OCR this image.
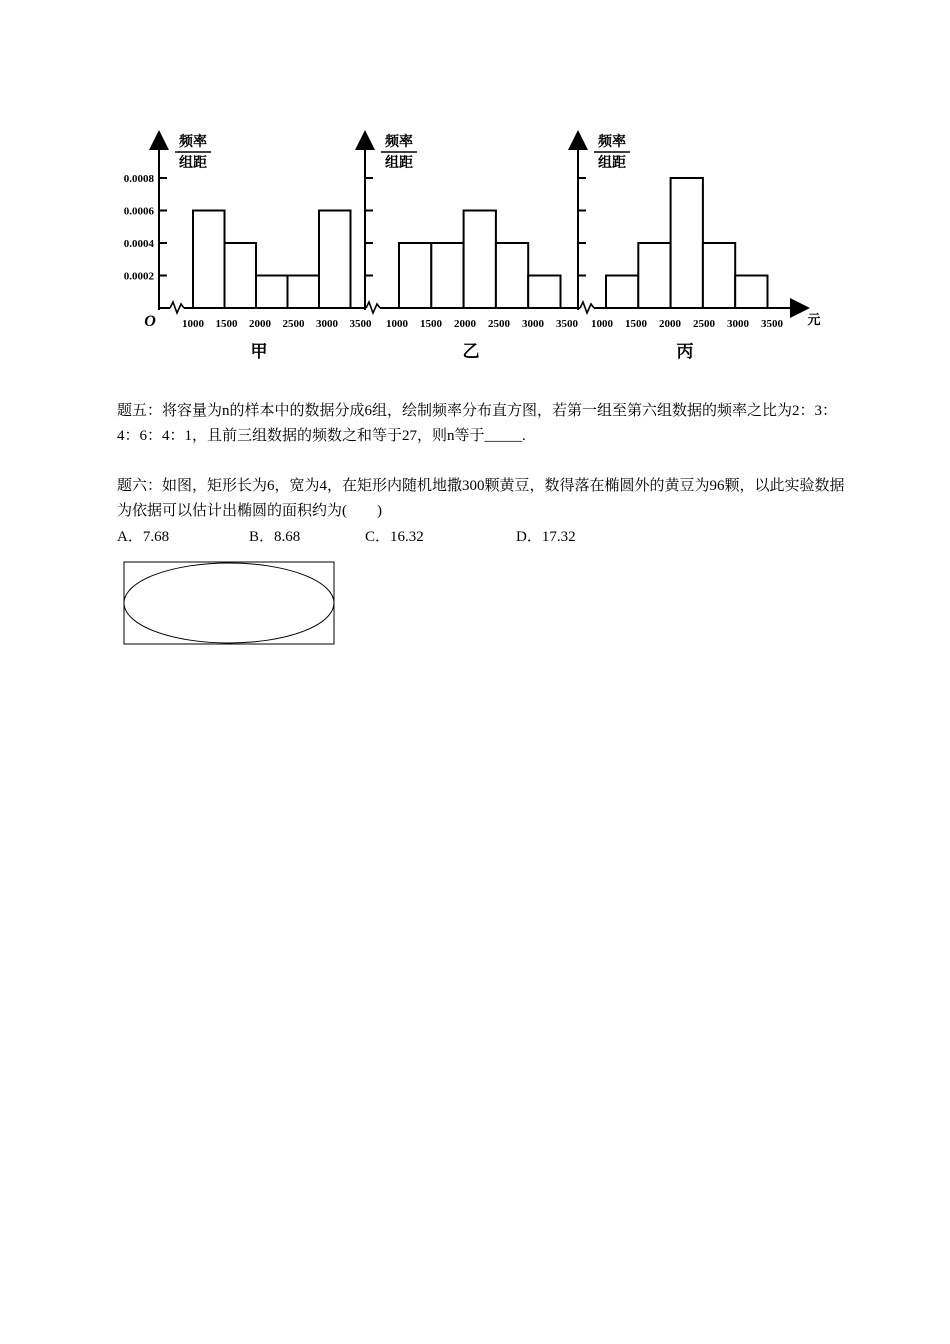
频率
组距
0.0002
0.0004
0.0006
0.0008
O 1000 1500 2000 2500 3000 3500
甲
频率
组距
1000 1500 2000 2500 3000 3500
乙
频率
组距
1000 1500 2000 2500 3000 3500
丙
元
题五：将容量为n的样本中的数据分成6组，绘制频率分布直方图，若第一组至第六组数据的频率之比为2：3：4：6：4：1，且前三组数据的频数之和等于27，则n等于_____.
题六：如图，矩形长为6，宽为4，在矩形内随机地撒300颗黄豆，数得落在椭圆外的黄豆为96颗，以此实验数据为依据可以估计出椭圆的面积约为(　　)
A．7.68	B．8.68	C．16.32	D．17.32
